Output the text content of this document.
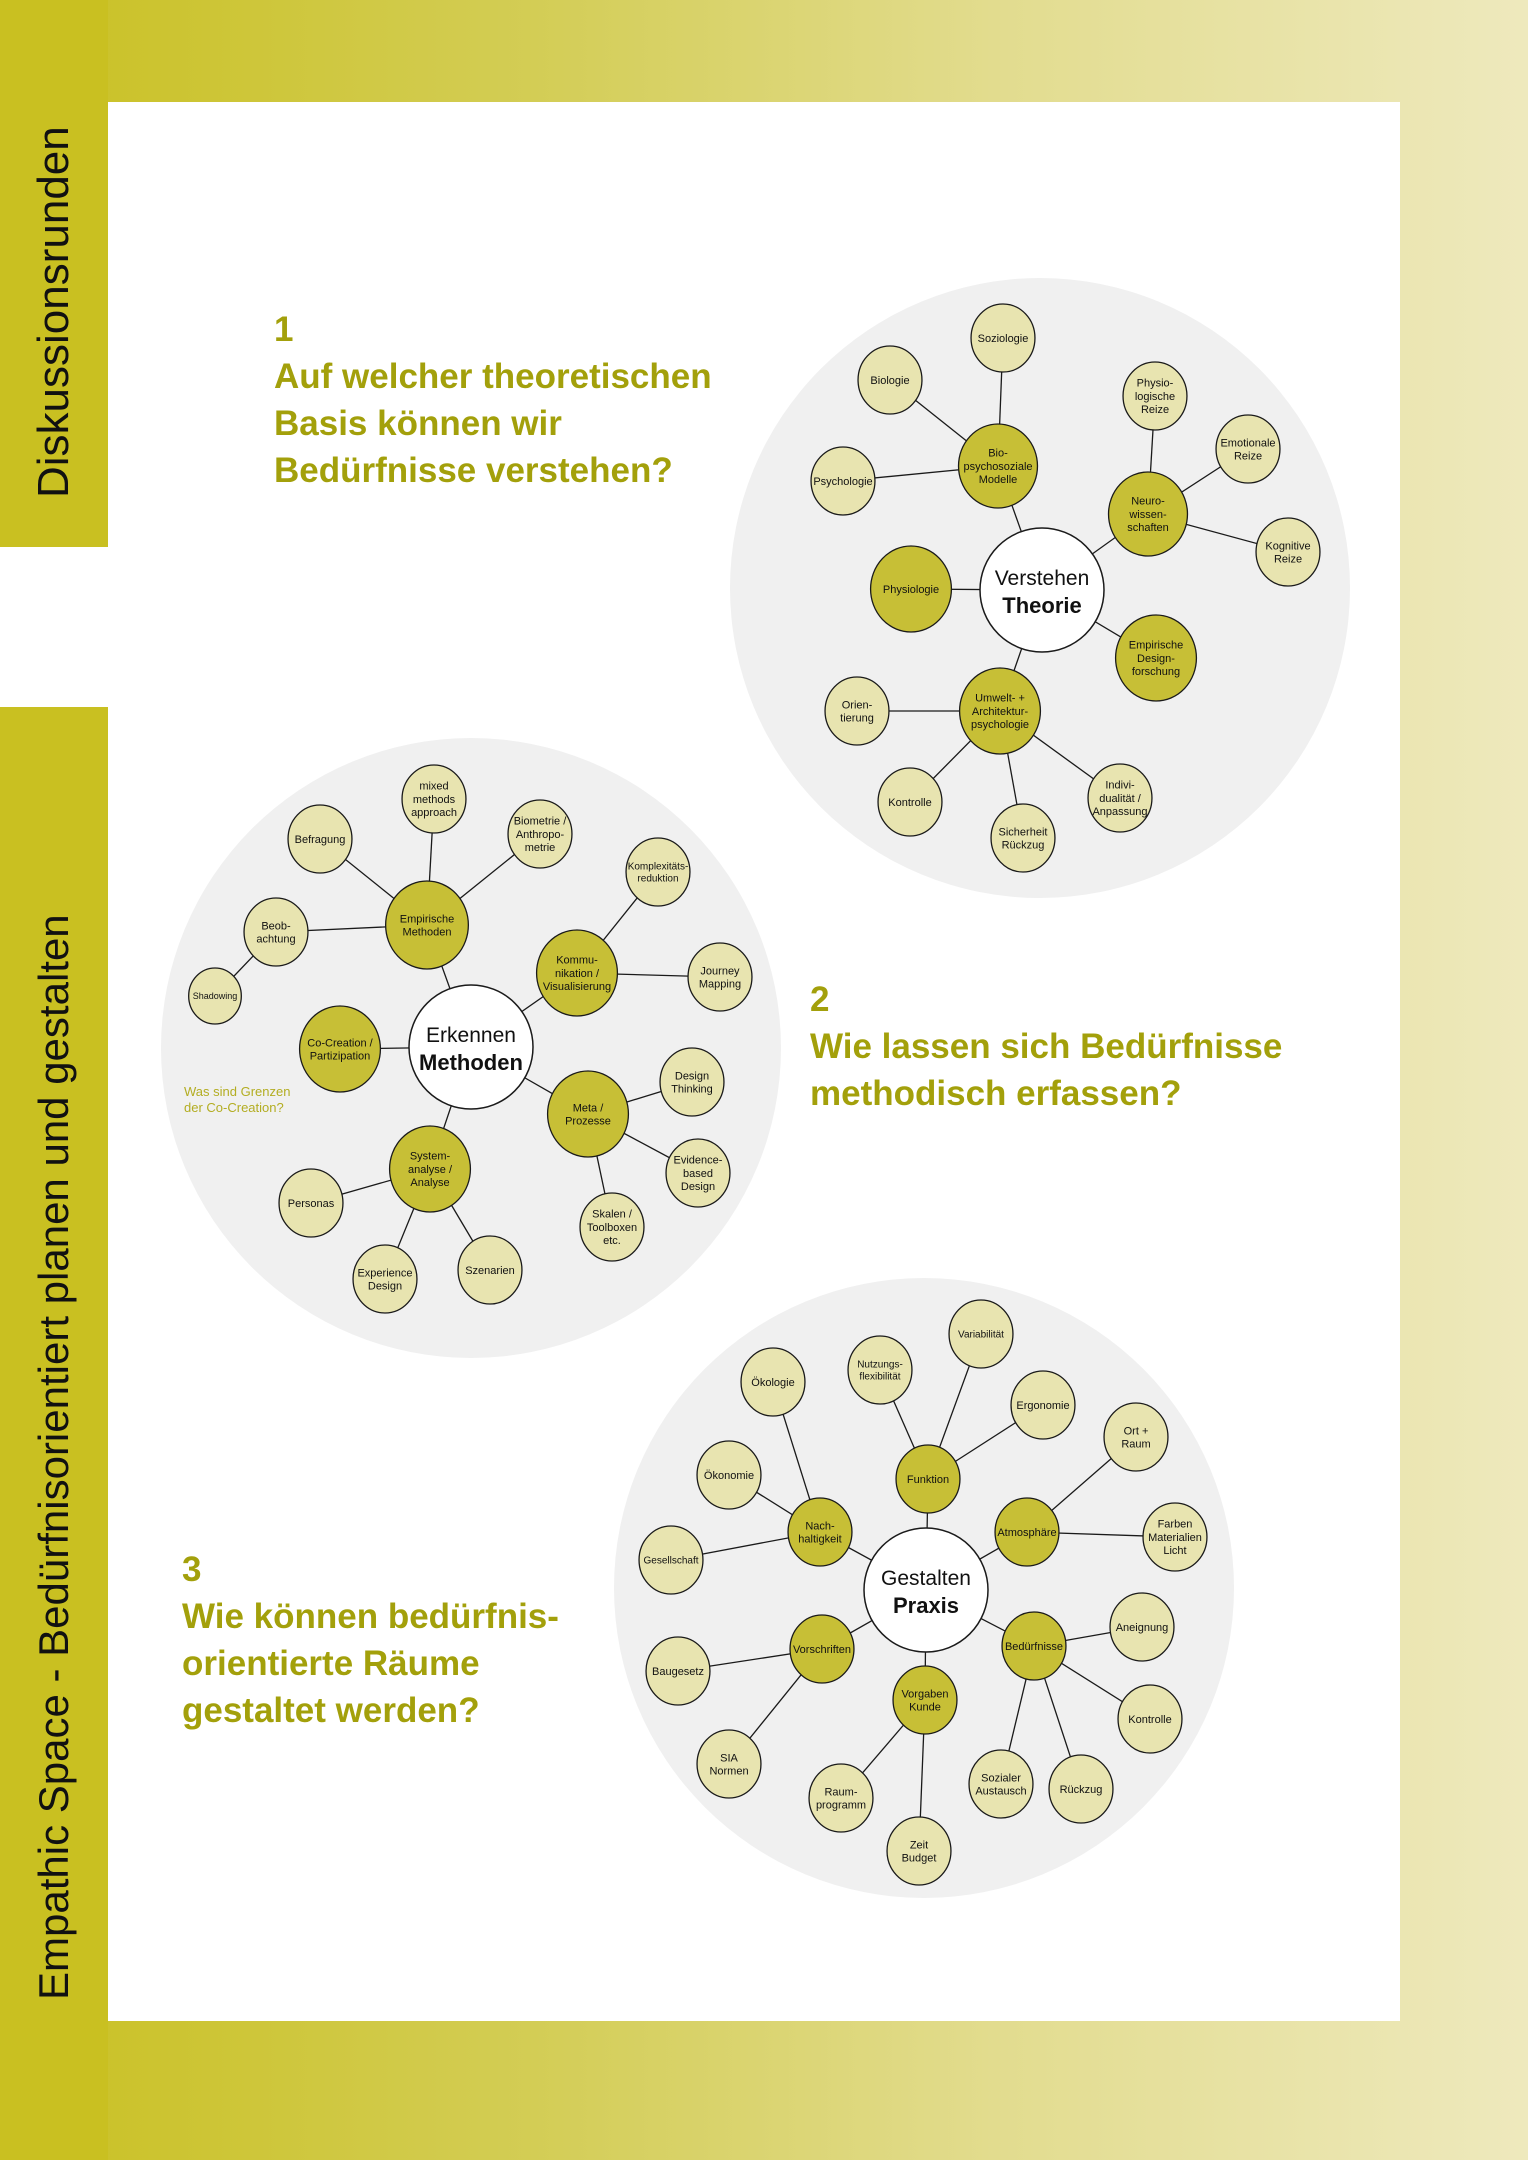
Diskussionsrunden
Empathic Space - Bedürfnisorientiert planen und gestalten
Bio-psychosoziale Modelle
Soziologie
Biologie
Psychologie
Neuro-wissen-schaften
Physio-logische Reize
Emotionale Reize
Kognitive Reize
Physiologie
Empirische Design-forschung
Umwelt- + Architektur-psychologie
Orien-tierung
Kontrolle
Sicherheit Rückzug
Indivi-dualität / Anpassung
Verstehen
Theorie
Empirische Methoden
Befragung
mixed methods approach
Biometrie / Anthropo-metrie
Beob-achtung
Kommu-nikation / Visualisierung
Komplexitäts-reduktion
Journey Mapping
Co-Creation / Partizipation
Meta / Prozesse
Design Thinking
Evidence-based Design
Skalen / Toolboxen etc.
System-analyse / Analyse
Personas
Experience Design
Szenarien
Shadowing
Erkennen
Methoden
Funktion
Nutzungs-flexibilität
Variabilität
Ergonomie
Nach-haltigkeit
Ökologie
Ökonomie
Gesellschaft
Atmosphäre
Ort + Raum
Farben Materialien Licht
Vorschriften
Baugesetz
SIA Normen
Vorgaben Kunde
Raum-programm
Zeit Budget
Bedürfnisse
Aneignung
Kontrolle
Sozialer Austausch	Rückzug
Gestalten
Praxis
1
Auf welcher theoretischen
Basis können wir
Bedürfnisse verstehen?
2
Wie lassen sich Bedürfnisse
methodisch erfassen?
3
Wie können bedürfnis-
orientierte Räume
gestaltet werden?
Was sind Grenzen
der Co-Creation?
